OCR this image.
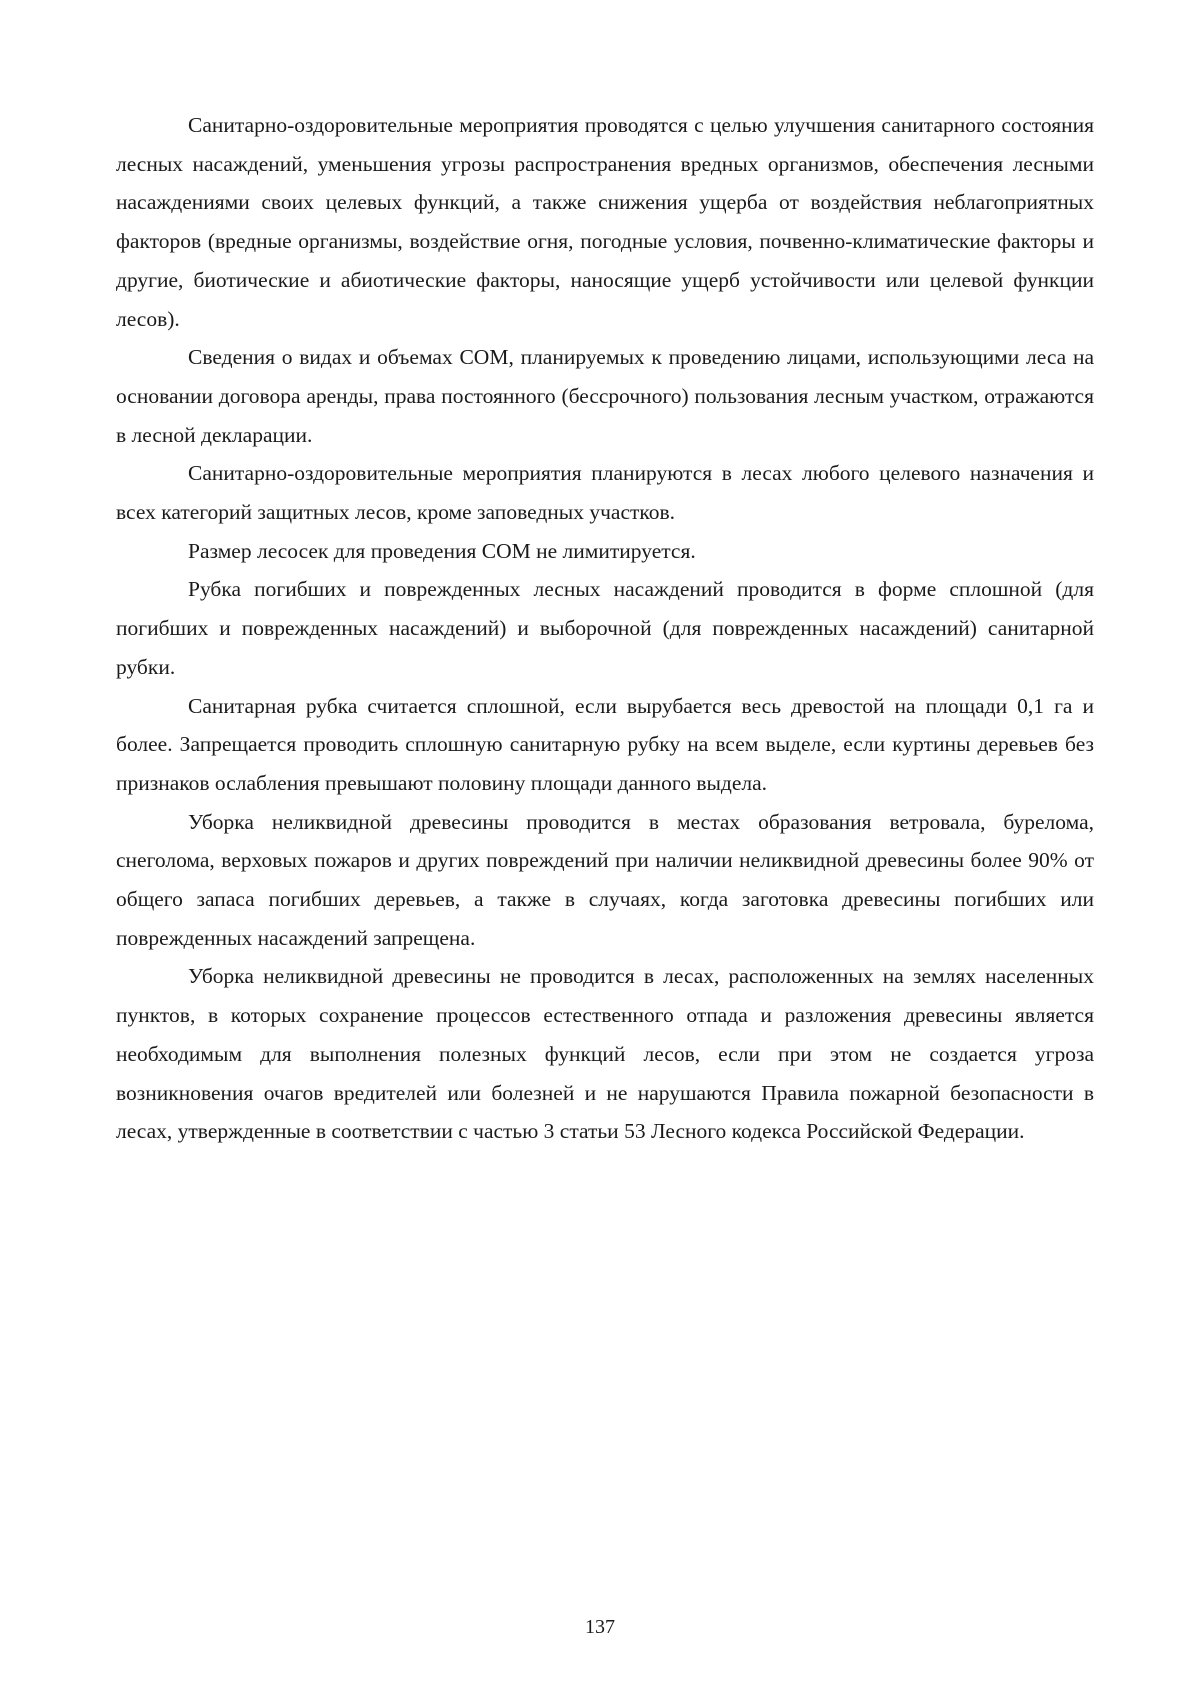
Санитарно-оздоровительные мероприятия проводятся с целью улучшения санитарного состояния лесных насаждений, уменьшения угрозы распространения вредных организмов, обеспечения лесными насаждениями своих целевых функций, а также снижения ущерба от воздействия неблагоприятных факторов (вредные организмы, воздействие огня, погодные условия, почвенно-климатические факторы и другие, биотические и абиотические факторы, наносящие ущерб устойчивости или целевой функции лесов).

Сведения о видах и объемах СОМ, планируемых к проведению лицами, использующими леса на основании договора аренды, права постоянного (бессрочного) пользования лесным участком, отражаются в лесной декларации.

Санитарно-оздоровительные мероприятия планируются в лесах любого целевого назначения и всех категорий защитных лесов, кроме заповедных участков.

Размер лесосек для проведения СОМ не лимитируется.

Рубка погибших и поврежденных лесных насаждений проводится в форме сплошной (для погибших и поврежденных насаждений) и выборочной (для поврежденных насаждений) санитарной рубки.

Санитарная рубка считается сплошной, если вырубается весь древостой на площади 0,1 га и более. Запрещается проводить сплошную санитарную рубку на всем выделе, если куртины деревьев без признаков ослабления превышают половину площади данного выдела.

Уборка неликвидной древесины проводится в местах образования ветровала, бурелома, снеголома, верховых пожаров и других повреждений при наличии неликвидной древесины более 90% от общего запаса погибших деревьев, а также в случаях, когда заготовка древесины погибших или поврежденных насаждений запрещена.

Уборка неликвидной древесины не проводится в лесах, расположенных на землях населенных пунктов, в которых сохранение процессов естественного отпада и разложения древесины является необходимым для выполнения полезных функций лесов, если при этом не создается угроза возникновения очагов вредителей или болезней и не нарушаются Правила пожарной безопасности в лесах, утвержденные в соответствии с частью 3 статьи 53 Лесного кодекса Российской Федерации.

137
